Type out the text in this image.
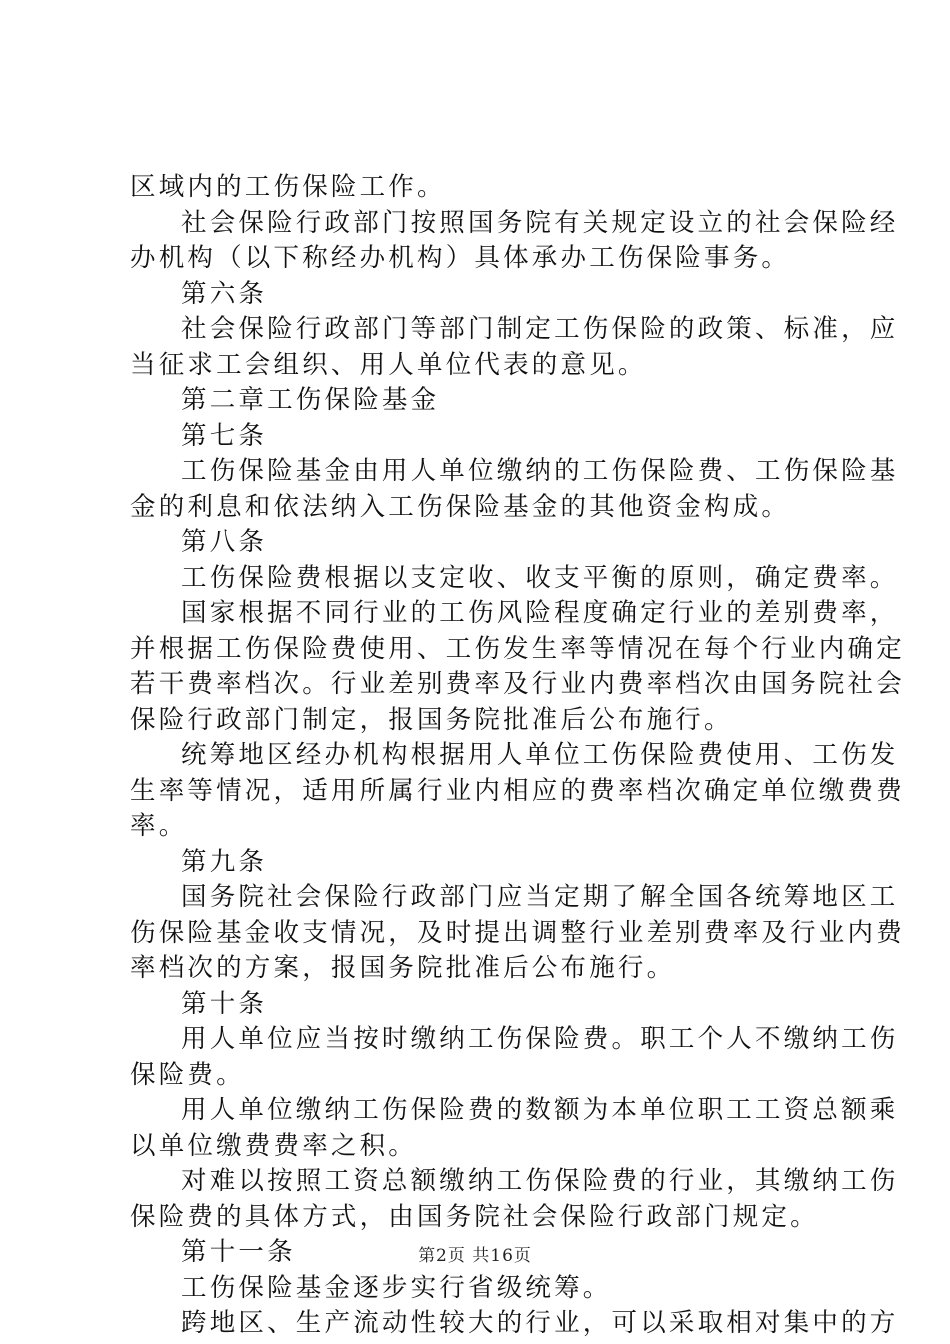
区域内的工伤保险工作。
社会保险行政部门按照国务院有关规定设立的社会保险经
办机构（以下称经办机构）具体承办工伤保险事务。
第六条
社会保险行政部门等部门制定工伤保险的政策、标准，应
当征求工会组织、用人单位代表的意见。
第二章工伤保险基金
第七条
工伤保险基金由用人单位缴纳的工伤保险费、工伤保险基
金的利息和依法纳入工伤保险基金的其他资金构成。
第八条
工伤保险费根据以支定收、收支平衡的原则，确定费率。
国家根据不同行业的工伤风险程度确定行业的差别费率，
并根据工伤保险费使用、工伤发生率等情况在每个行业内确定
若干费率档次。行业差别费率及行业内费率档次由国务院社会
保险行政部门制定，报国务院批准后公布施行。
统筹地区经办机构根据用人单位工伤保险费使用、工伤发
生率等情况，适用所属行业内相应的费率档次确定单位缴费费
率。
第九条
国务院社会保险行政部门应当定期了解全国各统筹地区工
伤保险基金收支情况，及时提出调整行业差别费率及行业内费
率档次的方案，报国务院批准后公布施行。
第十条
用人单位应当按时缴纳工伤保险费。职工个人不缴纳工伤
保险费。
用人单位缴纳工伤保险费的数额为本单位职工工资总额乘
以单位缴费费率之积。
对难以按照工资总额缴纳工伤保险费的行业，其缴纳工伤
保险费的具体方式，由国务院社会保险行政部门规定。
第十一条
工伤保险基金逐步实行省级统筹。
跨地区、生产流动性较大的行业，可以采取相对集中的方
第2页 共16页
